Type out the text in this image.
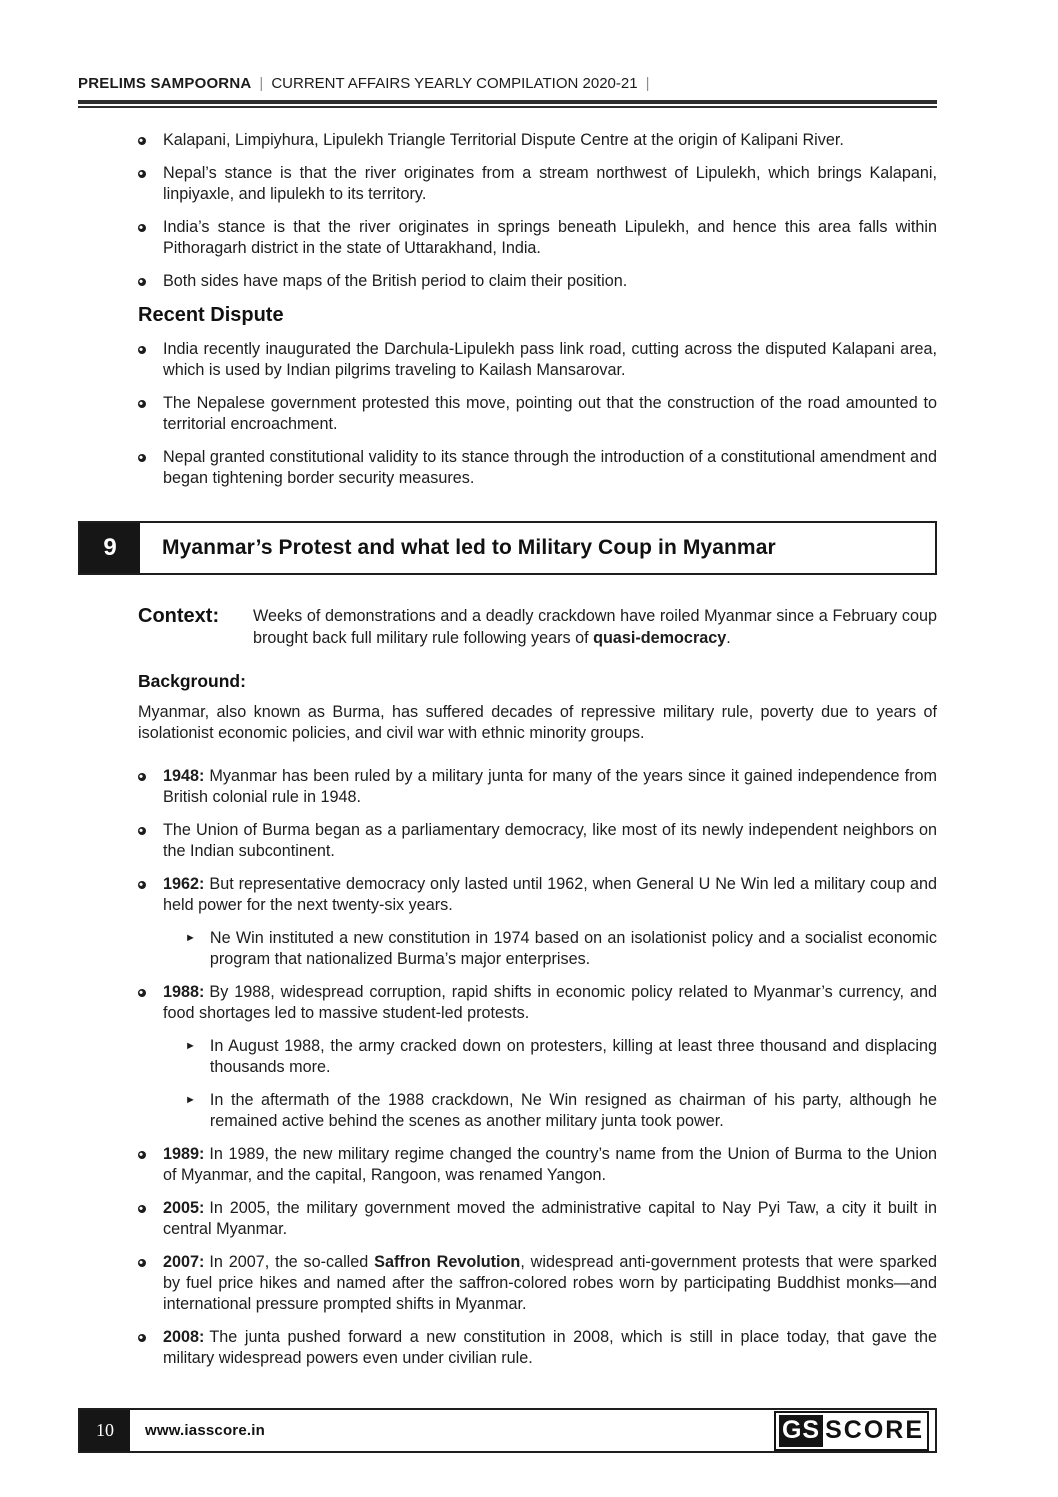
PRELIMS SAMPOORNA | CURRENT AFFAIRS YEARLY COMPILATION 2020-21 |
Kalapani, Limpiyhura, Lipulekh Triangle Territorial Dispute Centre at the origin of Kalipani River.
Nepal’s stance is that the river originates from a stream northwest of Lipulekh, which brings Kalapani, linpiyaxle, and lipulekh to its territory.
India’s stance is that the river originates in springs beneath Lipulekh, and hence this area falls within Pithoragarh district in the state of Uttarakhand, India.
Both sides have maps of the British period to claim their position.
Recent Dispute
India recently inaugurated the Darchula-Lipulekh pass link road, cutting across the disputed Kalapani area, which is used by Indian pilgrims traveling to Kailash Mansarovar.
The Nepalese government protested this move, pointing out that the construction of the road amounted to territorial encroachment.
Nepal granted constitutional validity to its stance through the introduction of a constitutional amendment and began tightening border security measures.
9	Myanmar’s Protest and what led to Military Coup in Myanmar
Context:	Weeks of demonstrations and a deadly crackdown have roiled Myanmar since a February coup brought back full military rule following years of quasi-democracy.
Background:

Myanmar, also known as Burma, has suffered decades of repressive military rule, poverty due to years of isolationist economic policies, and civil war with ethnic minority groups.

1948: Myanmar has been ruled by a military junta for many of the years since it gained independence from British colonial rule in 1948.
The Union of Burma began as a parliamentary democracy, like most of its newly independent neighbors on the Indian subcontinent.
1962: But representative democracy only lasted until 1962, when General U Ne Win led a military coup and held power for the next twenty-six years.
► Ne Win instituted a new constitution in 1974 based on an isolationist policy and a socialist economic program that nationalized Burma’s major enterprises.
1988: By 1988, widespread corruption, rapid shifts in economic policy related to Myanmar’s currency, and food shortages led to massive student-led protests.
► In August 1988, the army cracked down on protesters, killing at least three thousand and displacing thousands more.
► In the aftermath of the 1988 crackdown, Ne Win resigned as chairman of his party, although he remained active behind the scenes as another military junta took power.
1989: In 1989, the new military regime changed the country’s name from the Union of Burma to the Union of Myanmar, and the capital, Rangoon, was renamed Yangon.
2005: In 2005, the military government moved the administrative capital to Nay Pyi Taw, a city it built in central Myanmar.
2007: In 2007, the so-called Saffron Revolution, widespread anti-government protests that were sparked by fuel price hikes and named after the saffron-colored robes worn by participating Buddhist monks—and international pressure prompted shifts in Myanmar.
2008: The junta pushed forward a new constitution in 2008, which is still in place today, that gave the military widespread powers even under civilian rule.
10	www.iasscore.in	GS SCORE
